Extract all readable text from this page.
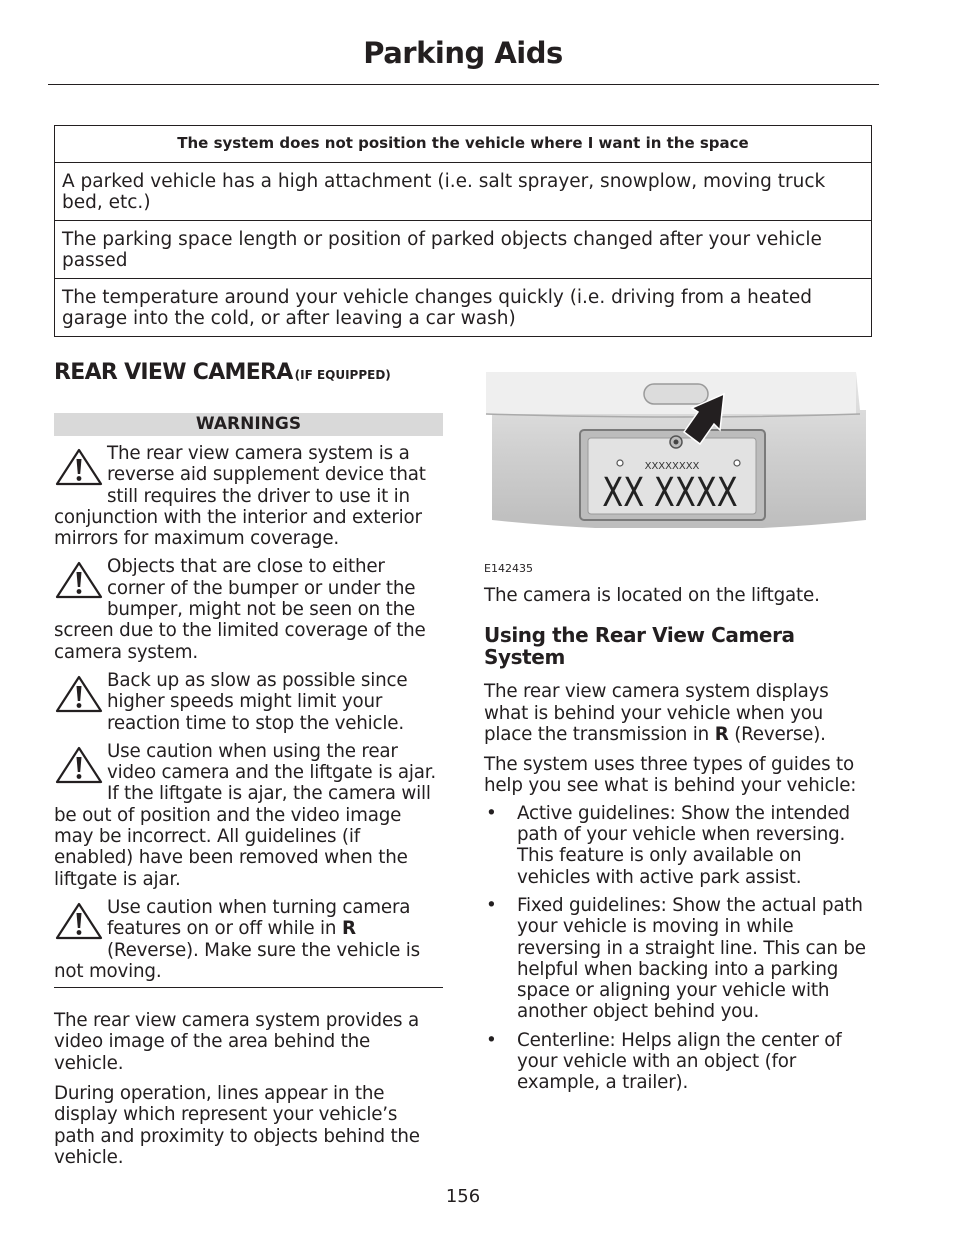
Parking Aids
The system does not position the vehicle where I want in the space
A parked vehicle has a high attachment (i.e. salt sprayer, snowplow, moving truck bed, etc.)
The parking space length or position of parked objects changed after your vehicle passed
The temperature around your vehicle changes quickly (i.e. driving from a heated garage into the cold, or after leaving a car wash)
REAR VIEW CAMERA (IF EQUIPPED)
WARNINGS
The rear view camera system is a reverse aid supplement device that still requires the driver to use it in conjunction with the interior and exterior mirrors for maximum coverage.
Objects that are close to either corner of the bumper or under the bumper, might not be seen on the screen due to the limited coverage of the camera system.
Back up as slow as possible since higher speeds might limit your reaction time to stop the vehicle.
Use caution when using the rear video camera and the liftgate is ajar. If the liftgate is ajar, the camera will be out of position and the video image may be incorrect. All guidelines (if enabled) have been removed when the liftgate is ajar.
Use caution when turning camera features on or off while in R (Reverse). Make sure the vehicle is not moving.

The rear view camera system provides a video image of the area behind the vehicle.

During operation, lines appear in the display which represent your vehicle’s path and proximity to objects behind the vehicle.

XXXXXXXX
XX XXXX
E142435

The camera is located on the liftgate.

Using the Rear View Camera System

The rear view camera system displays what is behind your vehicle when you place the transmission in R (Reverse).

The system uses three types of guides to help you see what is behind your vehicle:

• Active guidelines: Show the intended path of your vehicle when reversing. This feature is only available on vehicles with active park assist.
• Fixed guidelines: Show the actual path your vehicle is moving in while reversing in a straight line. This can be helpful when backing into a parking space or aligning your vehicle with another object behind you.
• Centerline: Helps align the center of your vehicle with an object (for example, a trailer).
156
